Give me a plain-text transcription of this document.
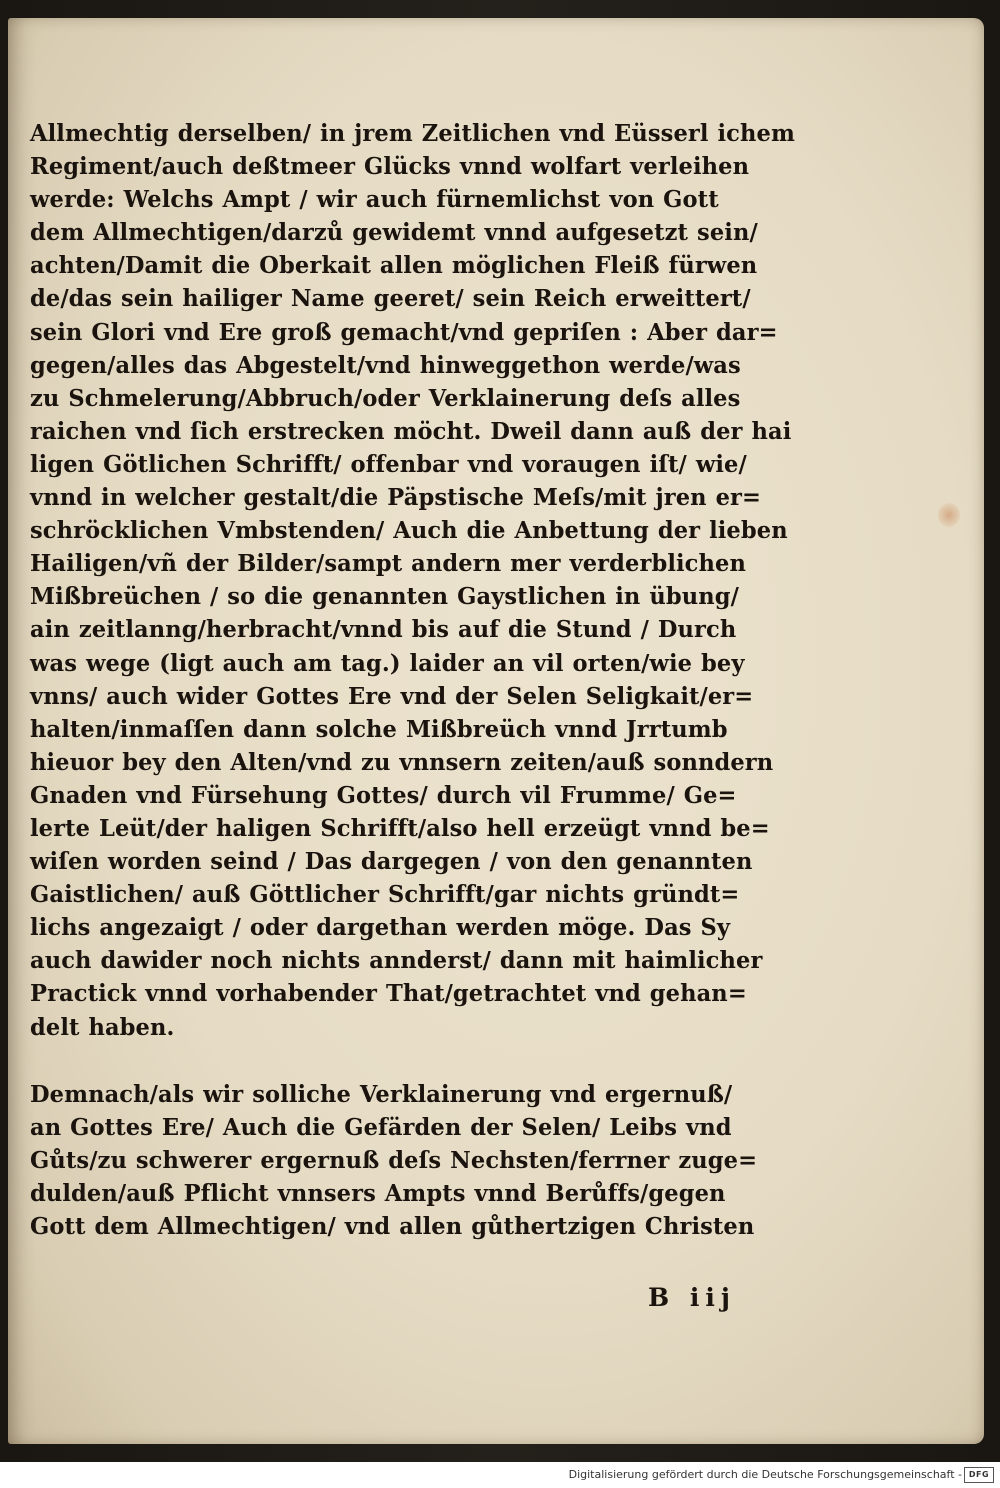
Allmechtig derselben/ in jrem Zeitlichen vnd Eüsserl ichem
Regiment/auch deßtmeer Glücks vnnd wolfart verleihen
werde: Welchs Ampt / wir auch fürnemlichst von Gott
dem Allmechtigen/darzů gewidemt vnnd aufgesetzt sein/
achten/Damit die Oberkait allen möglichen Fleiß fürwen
de/das sein hailiger Name geeret/ sein Reich erweittert/
sein Glori vnd Ere groß gemacht/vnd gepriſen : Aber dar=
gegen/alles das Abgestelt/vnd hinweggethon werde/was
zu Schmelerung/Abbruch/oder Verklainerung deſs alles
raichen vnd ſich erstrecken möcht. Dweil dann auß der hai
ligen Götlichen Schrifft/ offenbar vnd voraugen iſt/ wie/
vnnd in welcher gestalt/die Päpstische Meſs/mit jren er=
schröcklichen Vmbstenden/ Auch die Anbettung der lieben
Hailigen/vñ der Bilder/sampt andern mer verderblichen
Mißbreüchen / so die genannten Gaystlichen in übung/
ain zeitlanng/herbracht/vnnd bis auf die Stund / Durch
was wege (ligt auch am tag.) laider an vil orten/wie bey
vnns/ auch wider Gottes Ere vnd der Selen Seligkait/er=
halten/inmaſſen dann solche Mißbreüch vnnd Jrrtumb
hieuor bey den Alten/vnd zu vnnsern zeiten/auß sonndern
Gnaden vnd Fürsehung Gottes/ durch vil Frumme/ Ge=
lerte Leüt/der haligen Schrifft/also hell erzeügt vnnd be=
wiſen worden seind / Das dargegen / von den genannten
Gaistlichen/ auß Göttlicher Schrifft/gar nichts gründt=
lichs angezaigt / oder dargethan werden möge. Das Sy
auch dawider noch nichts annderst/ dann mit haimlicher
Practick vnnd vorhabender That/getrachtet vnd gehan=
delt haben.
Demnach/als wir solliche Verklainerung vnd ergernuß/
an Gottes Ere/ Auch die Gefärden der Selen/ Leibs vnd
Gůts/zu schwerer ergernuß deſs Nechsten/ferrner zuge=
dulden/auß Pflicht vnnsers Ampts vnnd Berůffs/gegen
Gott dem Allmechtigen/ vnd allen gůthertzigen Christen
B iij
Digitalisierung gefördert durch die Deutsche Forschungsgemeinschaft - DFG
